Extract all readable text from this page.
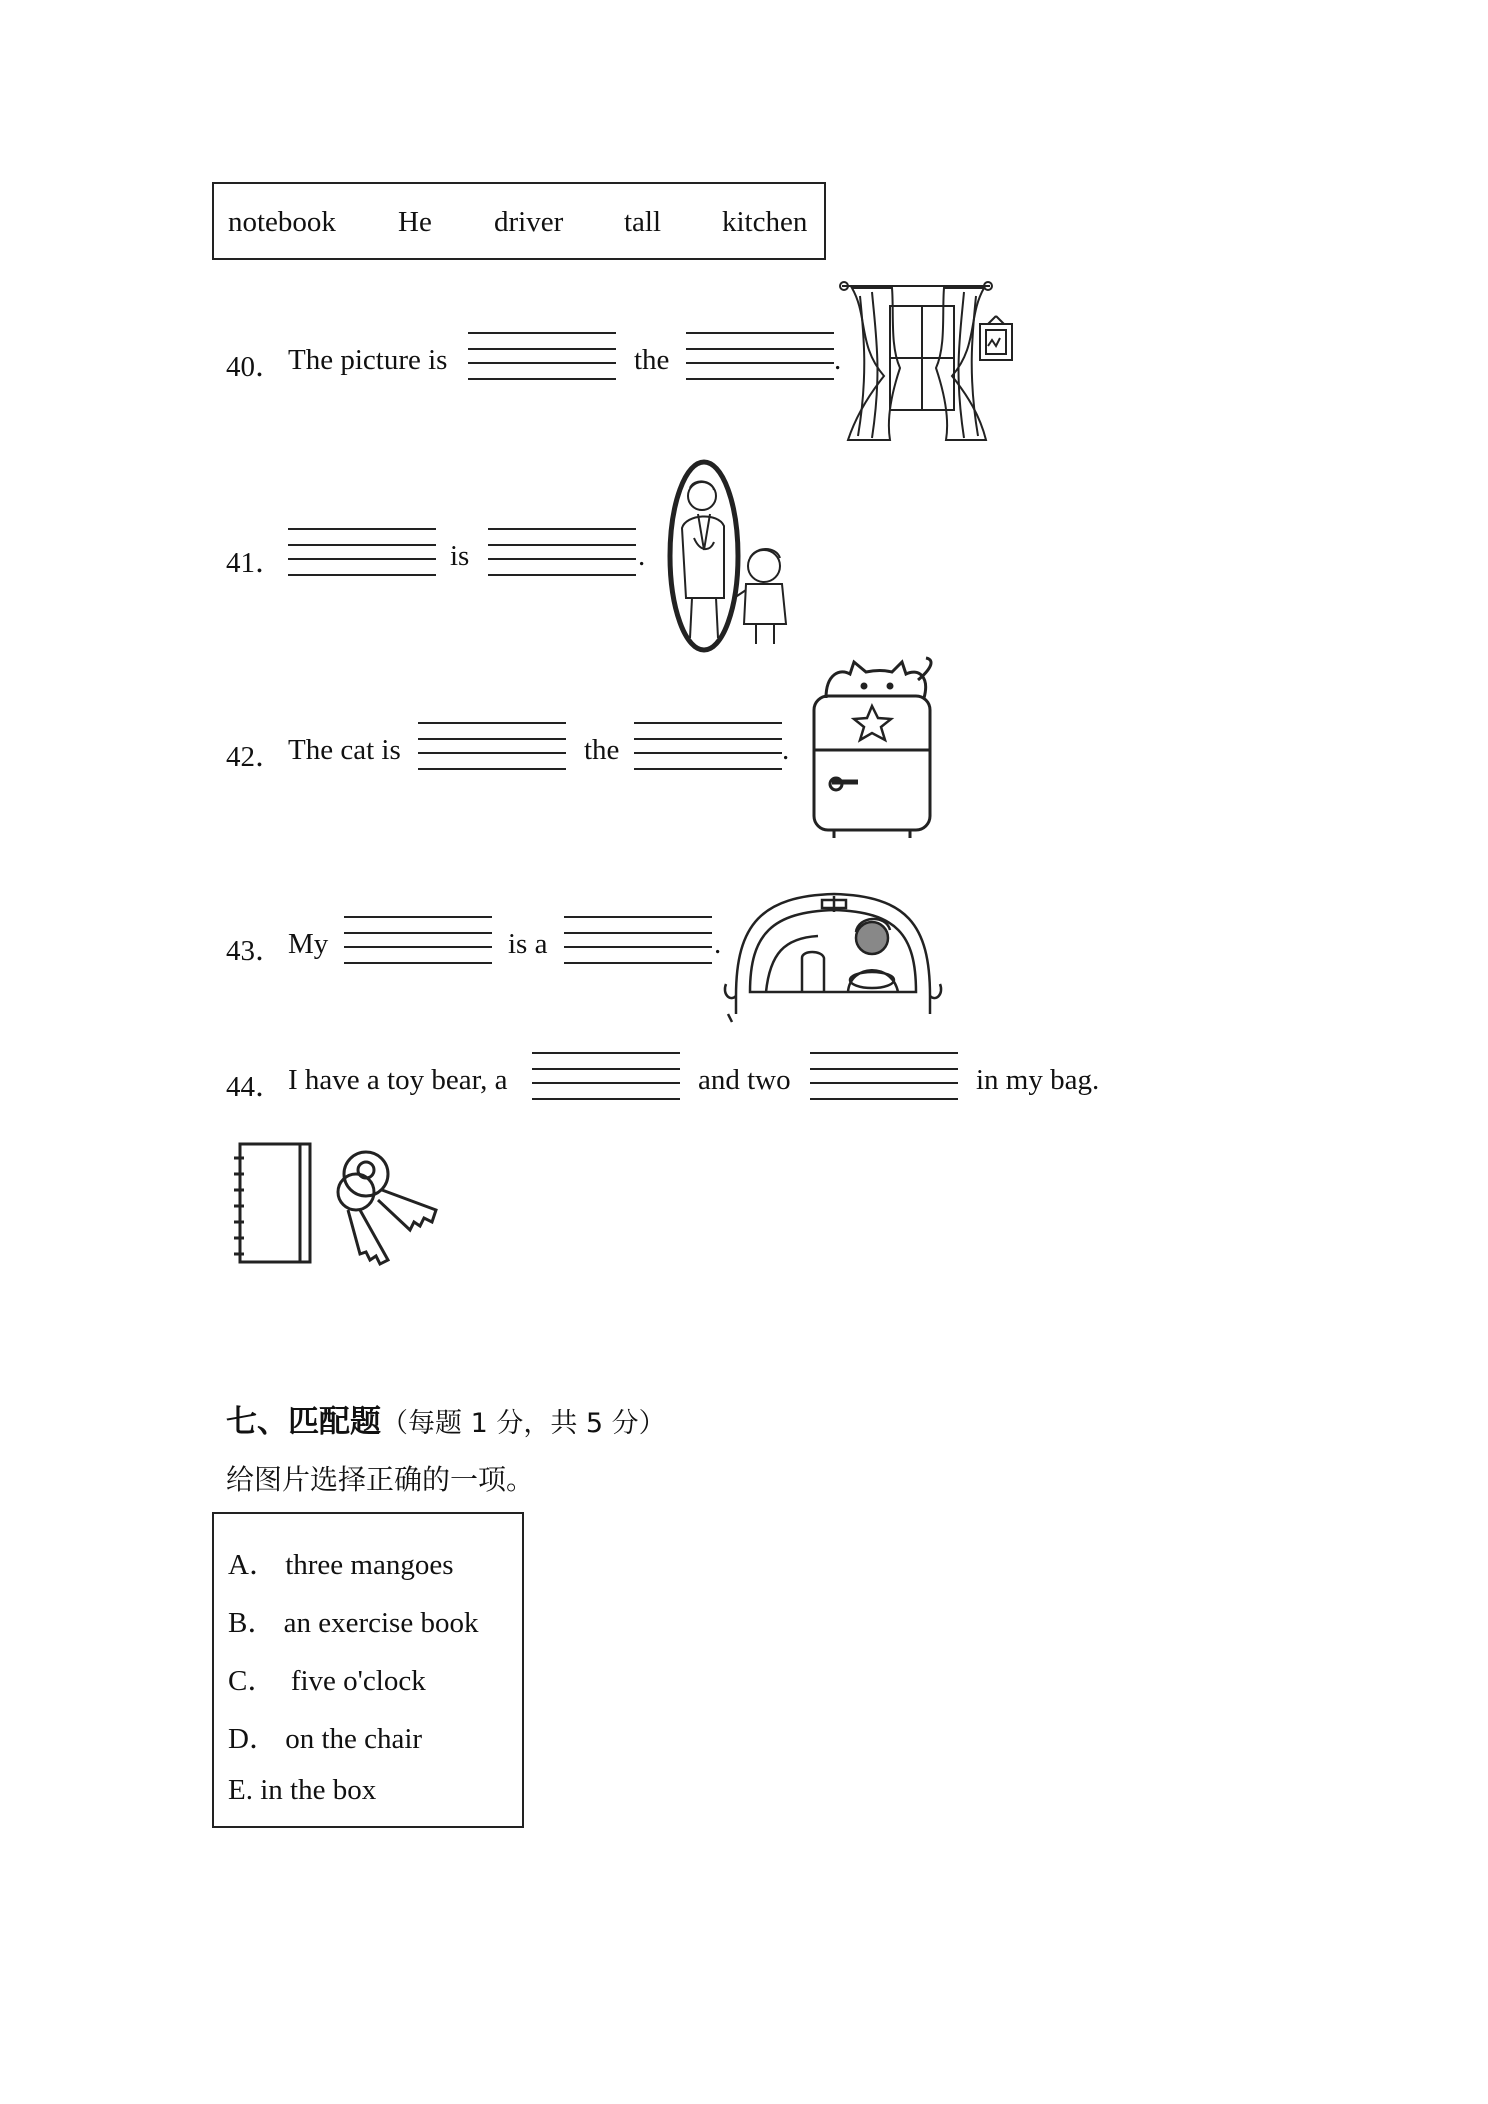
notebook He driver tall kitchen
40． The picture is	the	.
41．	is	.
42． The cat is	the	.
43． My	is a	.
44． I have a toy bear, a	and two	in my bag.
七、匹配题（每题 1 分，共 5 分）
给图片选择正确的一项。
A． three mangoes
B． an exercise book
C． five o'clock
D． on the chair
E. in the box
